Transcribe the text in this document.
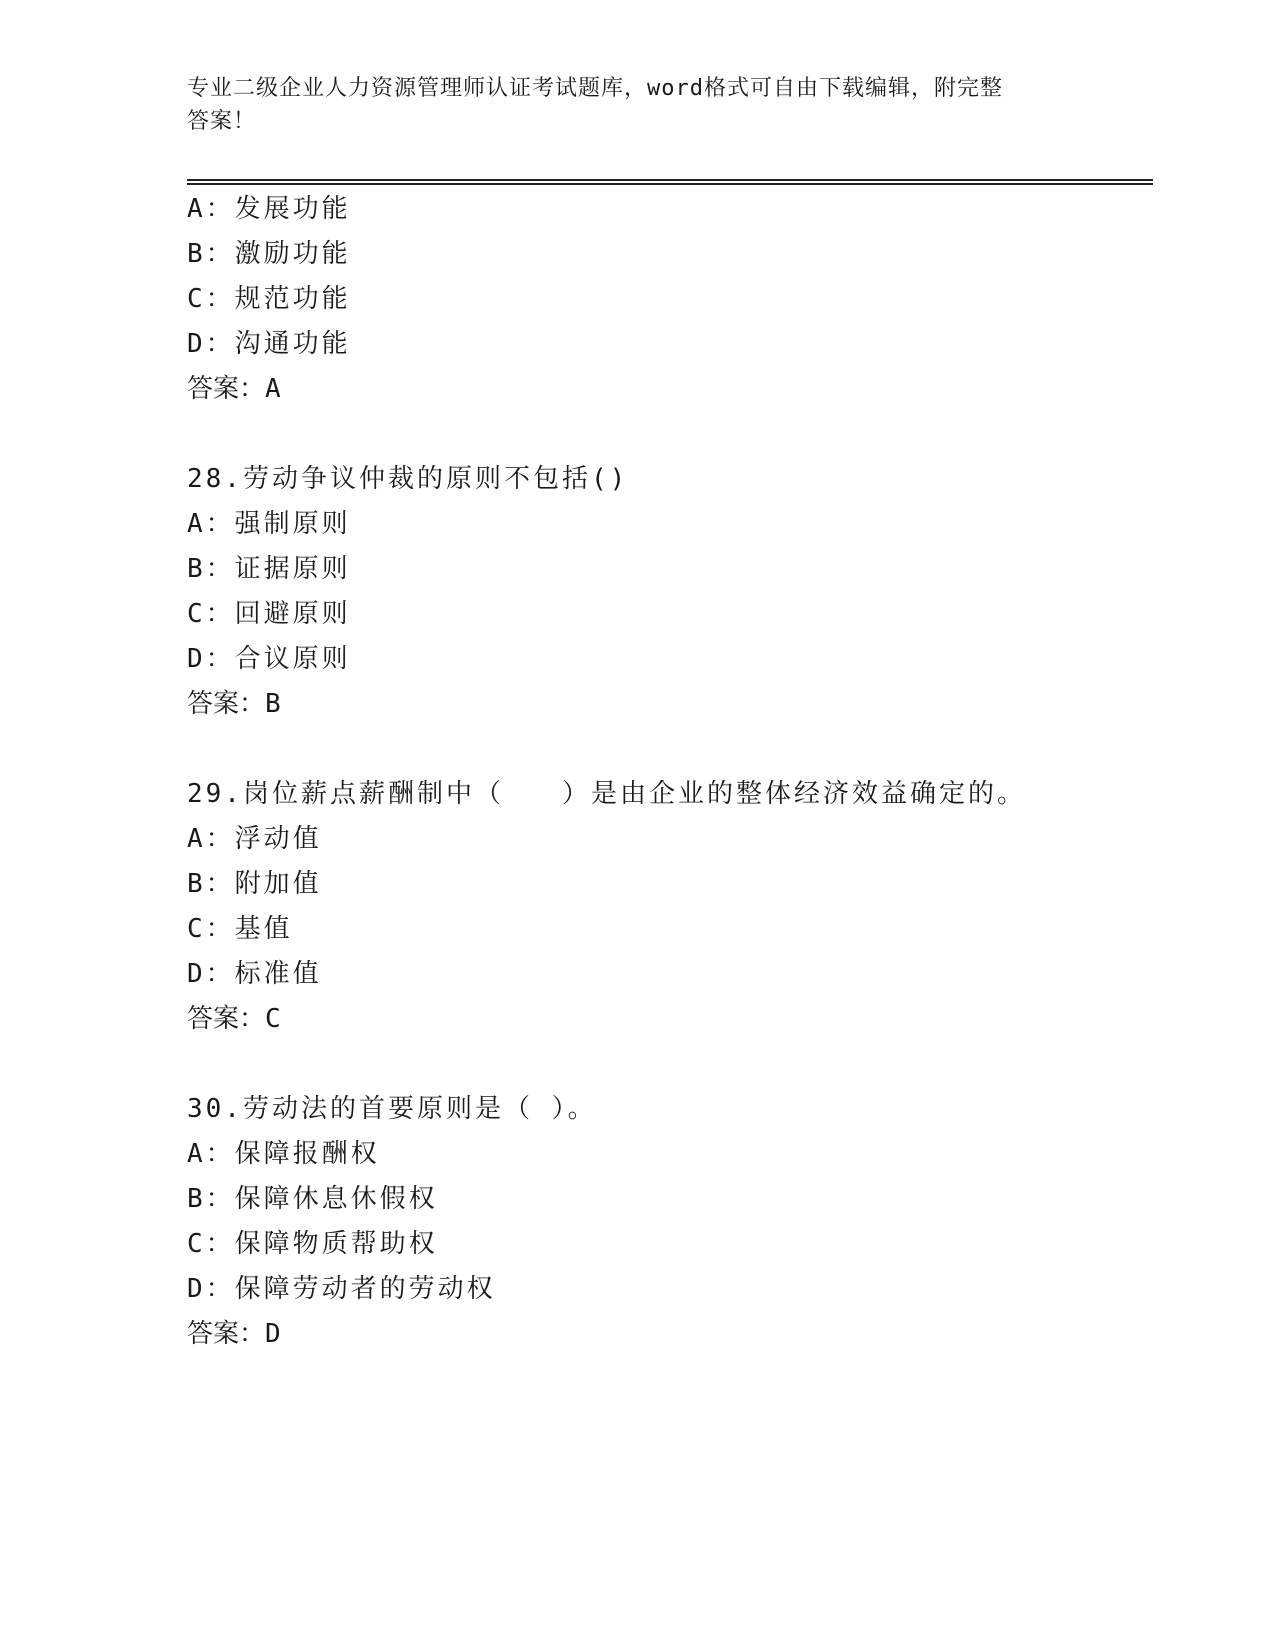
专业二级企业人力资源管理师认证考试题库，word格式可自由下载编辑，附完整
答案！
A：发展功能
B：激励功能
C：规范功能
D：沟通功能
答案：A
28.劳动争议仲裁的原则不包括()
A：强制原则
B：证据原则
C：回避原则
D：合议原则
答案：B
29.岗位薪点薪酬制中（　　）是由企业的整体经济效益确定的。
A：浮动值
B：附加值
C：基值
D：标准值
答案：C
30.劳动法的首要原则是（ ）。
A：保障报酬权
B：保障休息休假权
C：保障物质帮助权
D：保障劳动者的劳动权
答案：D
